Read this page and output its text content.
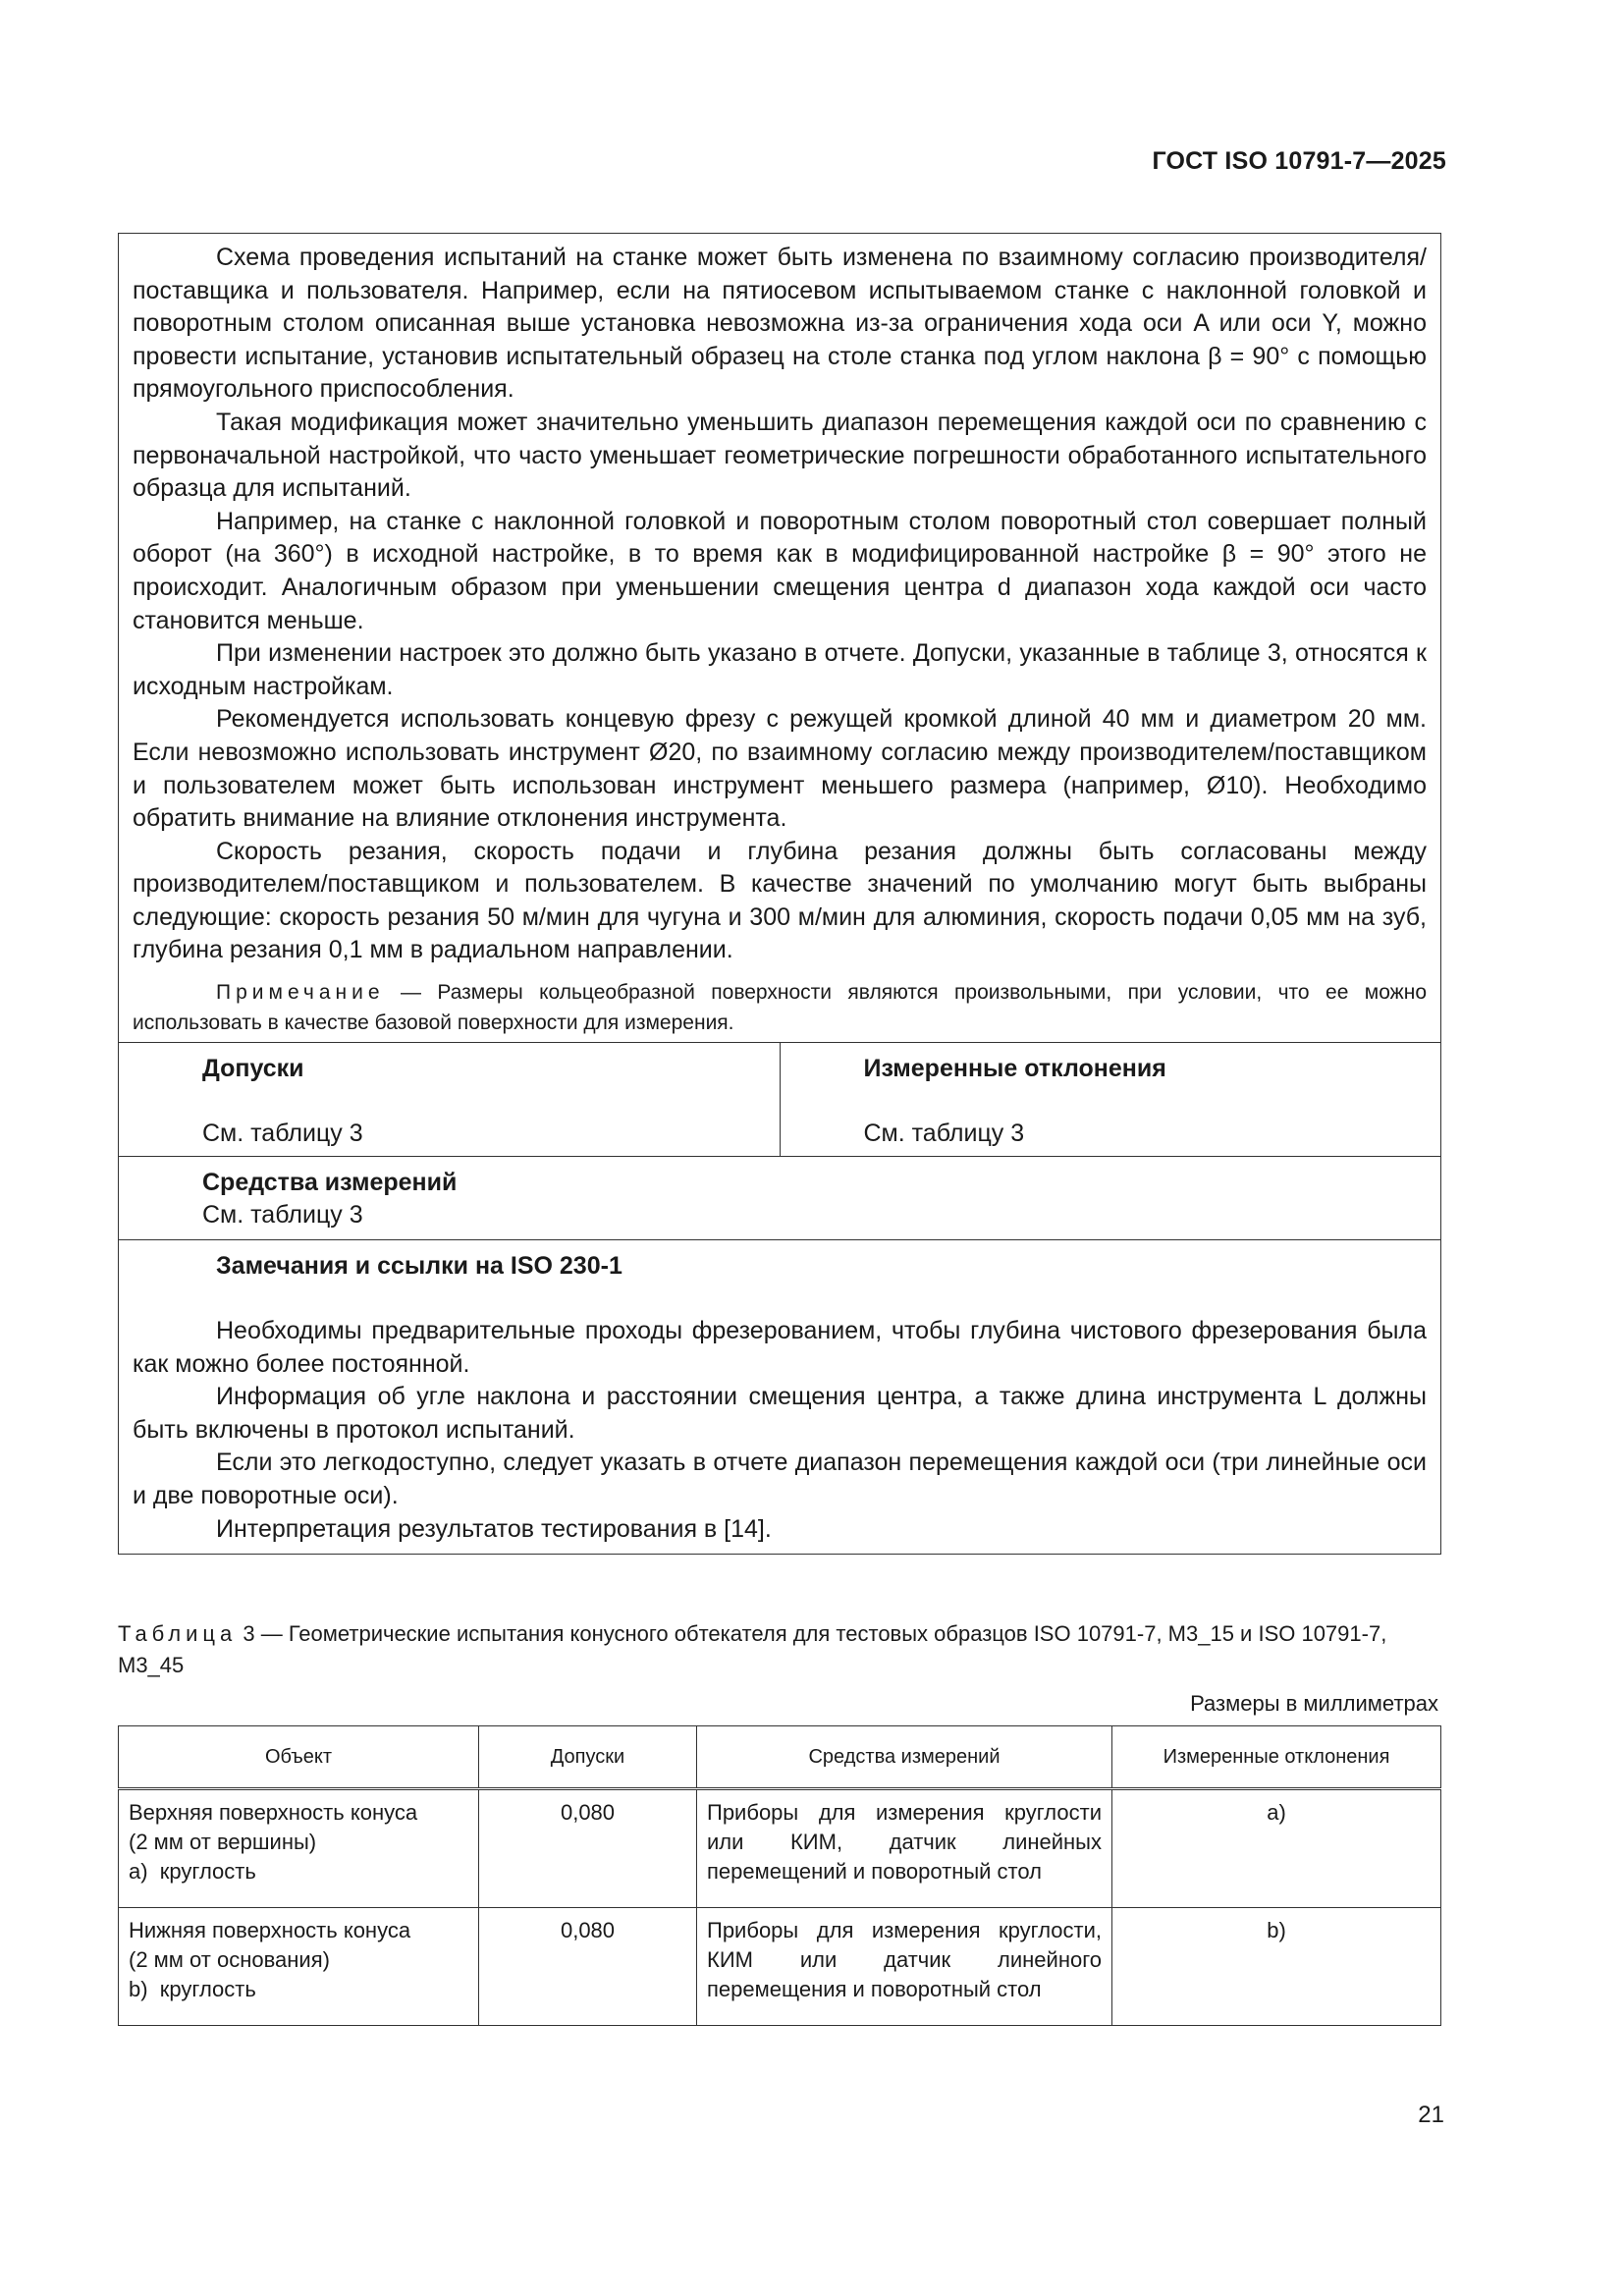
ГОСТ ISO 10791-7—2025

Схема проведения испытаний на станке может быть изменена по взаимному согласию производителя/поставщика и пользователя. Например, если на пятиосевом испытываемом станке с наклонной головкой и поворотным столом описанная выше установка невозможна из-за ограничения хода оси A или оси Y, можно провести испытание, установив испытательный образец на столе станка под углом наклона β = 90° с помощью прямоугольного приспособления.

Такая модификация может значительно уменьшить диапазон перемещения каждой оси по сравнению с первоначальной настройкой, что часто уменьшает геометрические погрешности обработанного испытательного образца для испытаний.

Например, на станке с наклонной головкой и поворотным столом поворотный стол совершает полный оборот (на 360°) в исходной настройке, в то время как в модифицированной настройке β = 90° этого не происходит. Аналогичным образом при уменьшении смещения центра d диапазон хода каждой оси часто становится меньше.

При изменении настроек это должно быть указано в отчете. Допуски, указанные в таблице 3, относятся к исходным настройкам.

Рекомендуется использовать концевую фрезу с режущей кромкой длиной 40 мм и диаметром 20 мм. Если невозможно использовать инструмент Ø20, по взаимному согласию между производителем/поставщиком и пользователем может быть использован инструмент меньшего размера (например, Ø10). Необходимо обратить внимание на влияние отклонения инструмента.

Скорость резания, скорость подачи и глубина резания должны быть согласованы между производителем/поставщиком и пользователем. В качестве значений по умолчанию могут быть выбраны следующие: скорость резания 50 м/мин для чугуна и 300 м/мин для алюминия, скорость подачи 0,05 мм на зуб, глубина резания 0,1 мм в радиальном направлении.

Примечание — Размеры кольцеобразной поверхности являются произвольными, при условии, что ее можно использовать в качестве базовой поверхности для измерения.

Допуски
См. таблицу 3
Измеренные отклонения
См. таблицу 3
Средства измерений
См. таблицу 3
Замечания и ссылки на ISO 230-1

Необходимы предварительные проходы фрезерованием, чтобы глубина чистового фрезерования была как можно более постоянной.

Информация об угле наклона и расстоянии смещения центра, а также длина инструмента L должны быть включены в протокол испытаний.

Если это легкодоступно, следует указать в отчете диапазон перемещения каждой оси (три линейные оси и две поворотные оси).

Интерпретация результатов тестирования в [14].

Таблица 3 — Геометрические испытания конусного обтекателя для тестовых образцов ISO 10791-7, M3_15 и ISO 10791-7, M3_45
Размеры в миллиметрах
Объект	Допуски	Средства измерений	Измеренные отклонения

Верхняя поверхность конуса
(2 мм от вершины)
a)  круглость	0,080	Приборы для измерения круглости или КИМ, датчик линейных перемещений и поворотный стол	a)

Нижняя поверхность конуса
(2 мм от основания)
b)  круглость	0,080	Приборы для измерения круглости, КИМ или датчик линейного перемещения и поворотный стол	b)
21
